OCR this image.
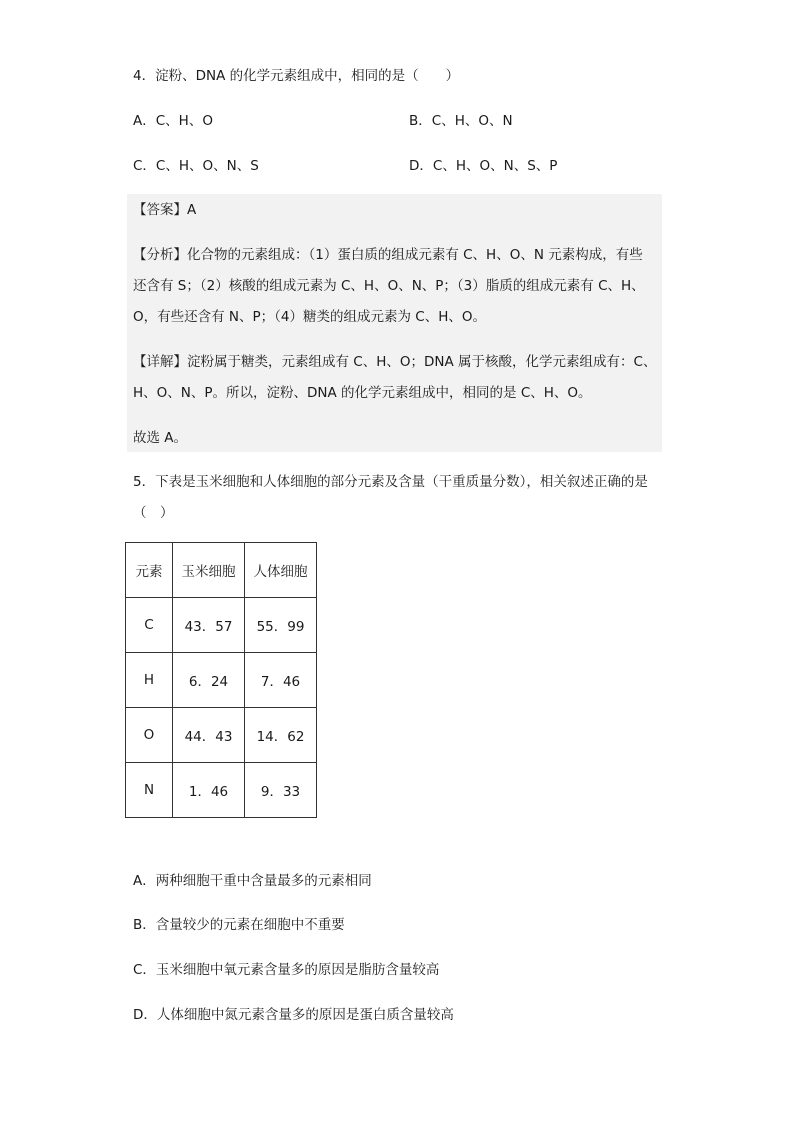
4．淀粉、DNA 的化学元素组成中，相同的是（　　）
A．C、H、O	B．C、H、O、N
C．C、H、O、N、S	D．C、H、O、N、S、P
【答案】A
【分析】化合物的元素组成：（1）蛋白质的组成元素有 C、H、O、N 元素构成，有些
还含有 S；（2）核酸的组成元素为 C、H、O、N、P；（3）脂质的组成元素有 C、H、
O，有些还含有 N、P；（4）糖类的组成元素为 C、H、O。
【详解】淀粉属于糖类，元素组成有 C、H、O；DNA 属于核酸，化学元素组成有：C、
H、O、N、P。所以，淀粉、DNA 的化学元素组成中，相同的是 C、H、O。
故选 A。
5．下表是玉米细胞和人体细胞的部分元素及含量（干重质量分数），相关叙述正确的是
（　）
元素	玉米细胞	人体细胞
C	43．57	55．99
H	6．24	7．46
O	44．43	14．62
N	1．46	9．33
A．两种细胞干重中含量最多的元素相同
B．含量较少的元素在细胞中不重要
C．玉米细胞中氧元素含量多的原因是脂肪含量较高
D．人体细胞中氮元素含量多的原因是蛋白质含量较高
